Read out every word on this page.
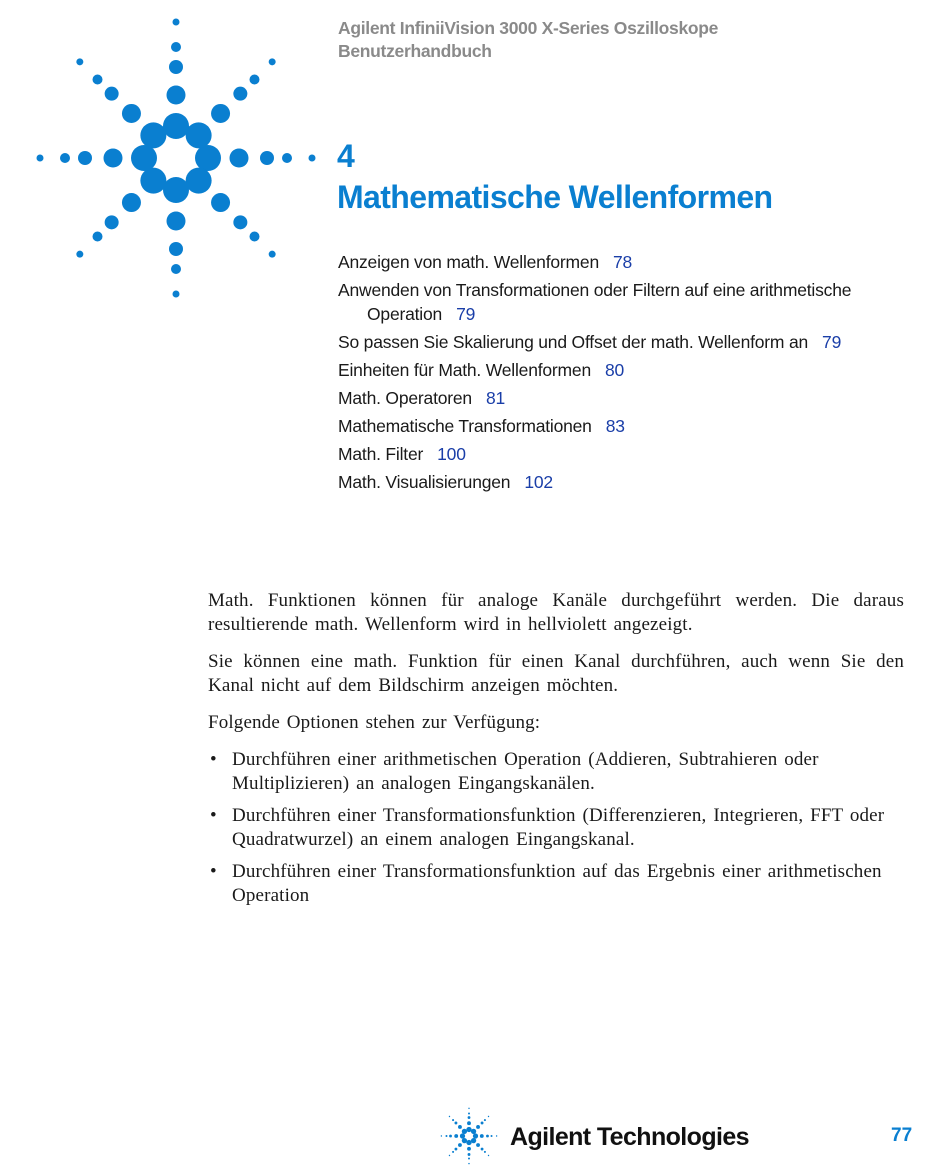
Agilent InfiniiVision 3000 X-Series Oszilloskope
Benutzerhandbuch
4
Mathematische Wellenformen
Anzeigen von math. Wellenformen 78
Anwenden von Transformationen oder Filtern auf eine arithmetische
Operation 79
So passen Sie Skalierung und Offset der math. Wellenform an 79
Einheiten für Math. Wellenformen 80
Math. Operatoren 81
Mathematische Transformationen 83
Math. Filter 100
Math. Visualisierungen 102

Math. Funktionen können für analoge Kanäle durchgeführt werden. Die daraus resultierende math. Wellenform wird in hellviolett angezeigt.

Sie können eine math. Funktion für einen Kanal durchführen, auch wenn Sie den Kanal nicht auf dem Bildschirm anzeigen möchten.

Folgende Optionen stehen zur Verfügung:

• Durchführen einer arithmetischen Operation (Addieren, Subtrahieren oder Multiplizieren) an analogen Eingangskanälen.
• Durchführen einer Transformationsfunktion (Differenzieren, Integrieren, FFT oder Quadratwurzel) an einem analogen Eingangskanal.
• Durchführen einer Transformationsfunktion auf das Ergebnis einer arithmetischen Operation
Agilent Technologies	77
